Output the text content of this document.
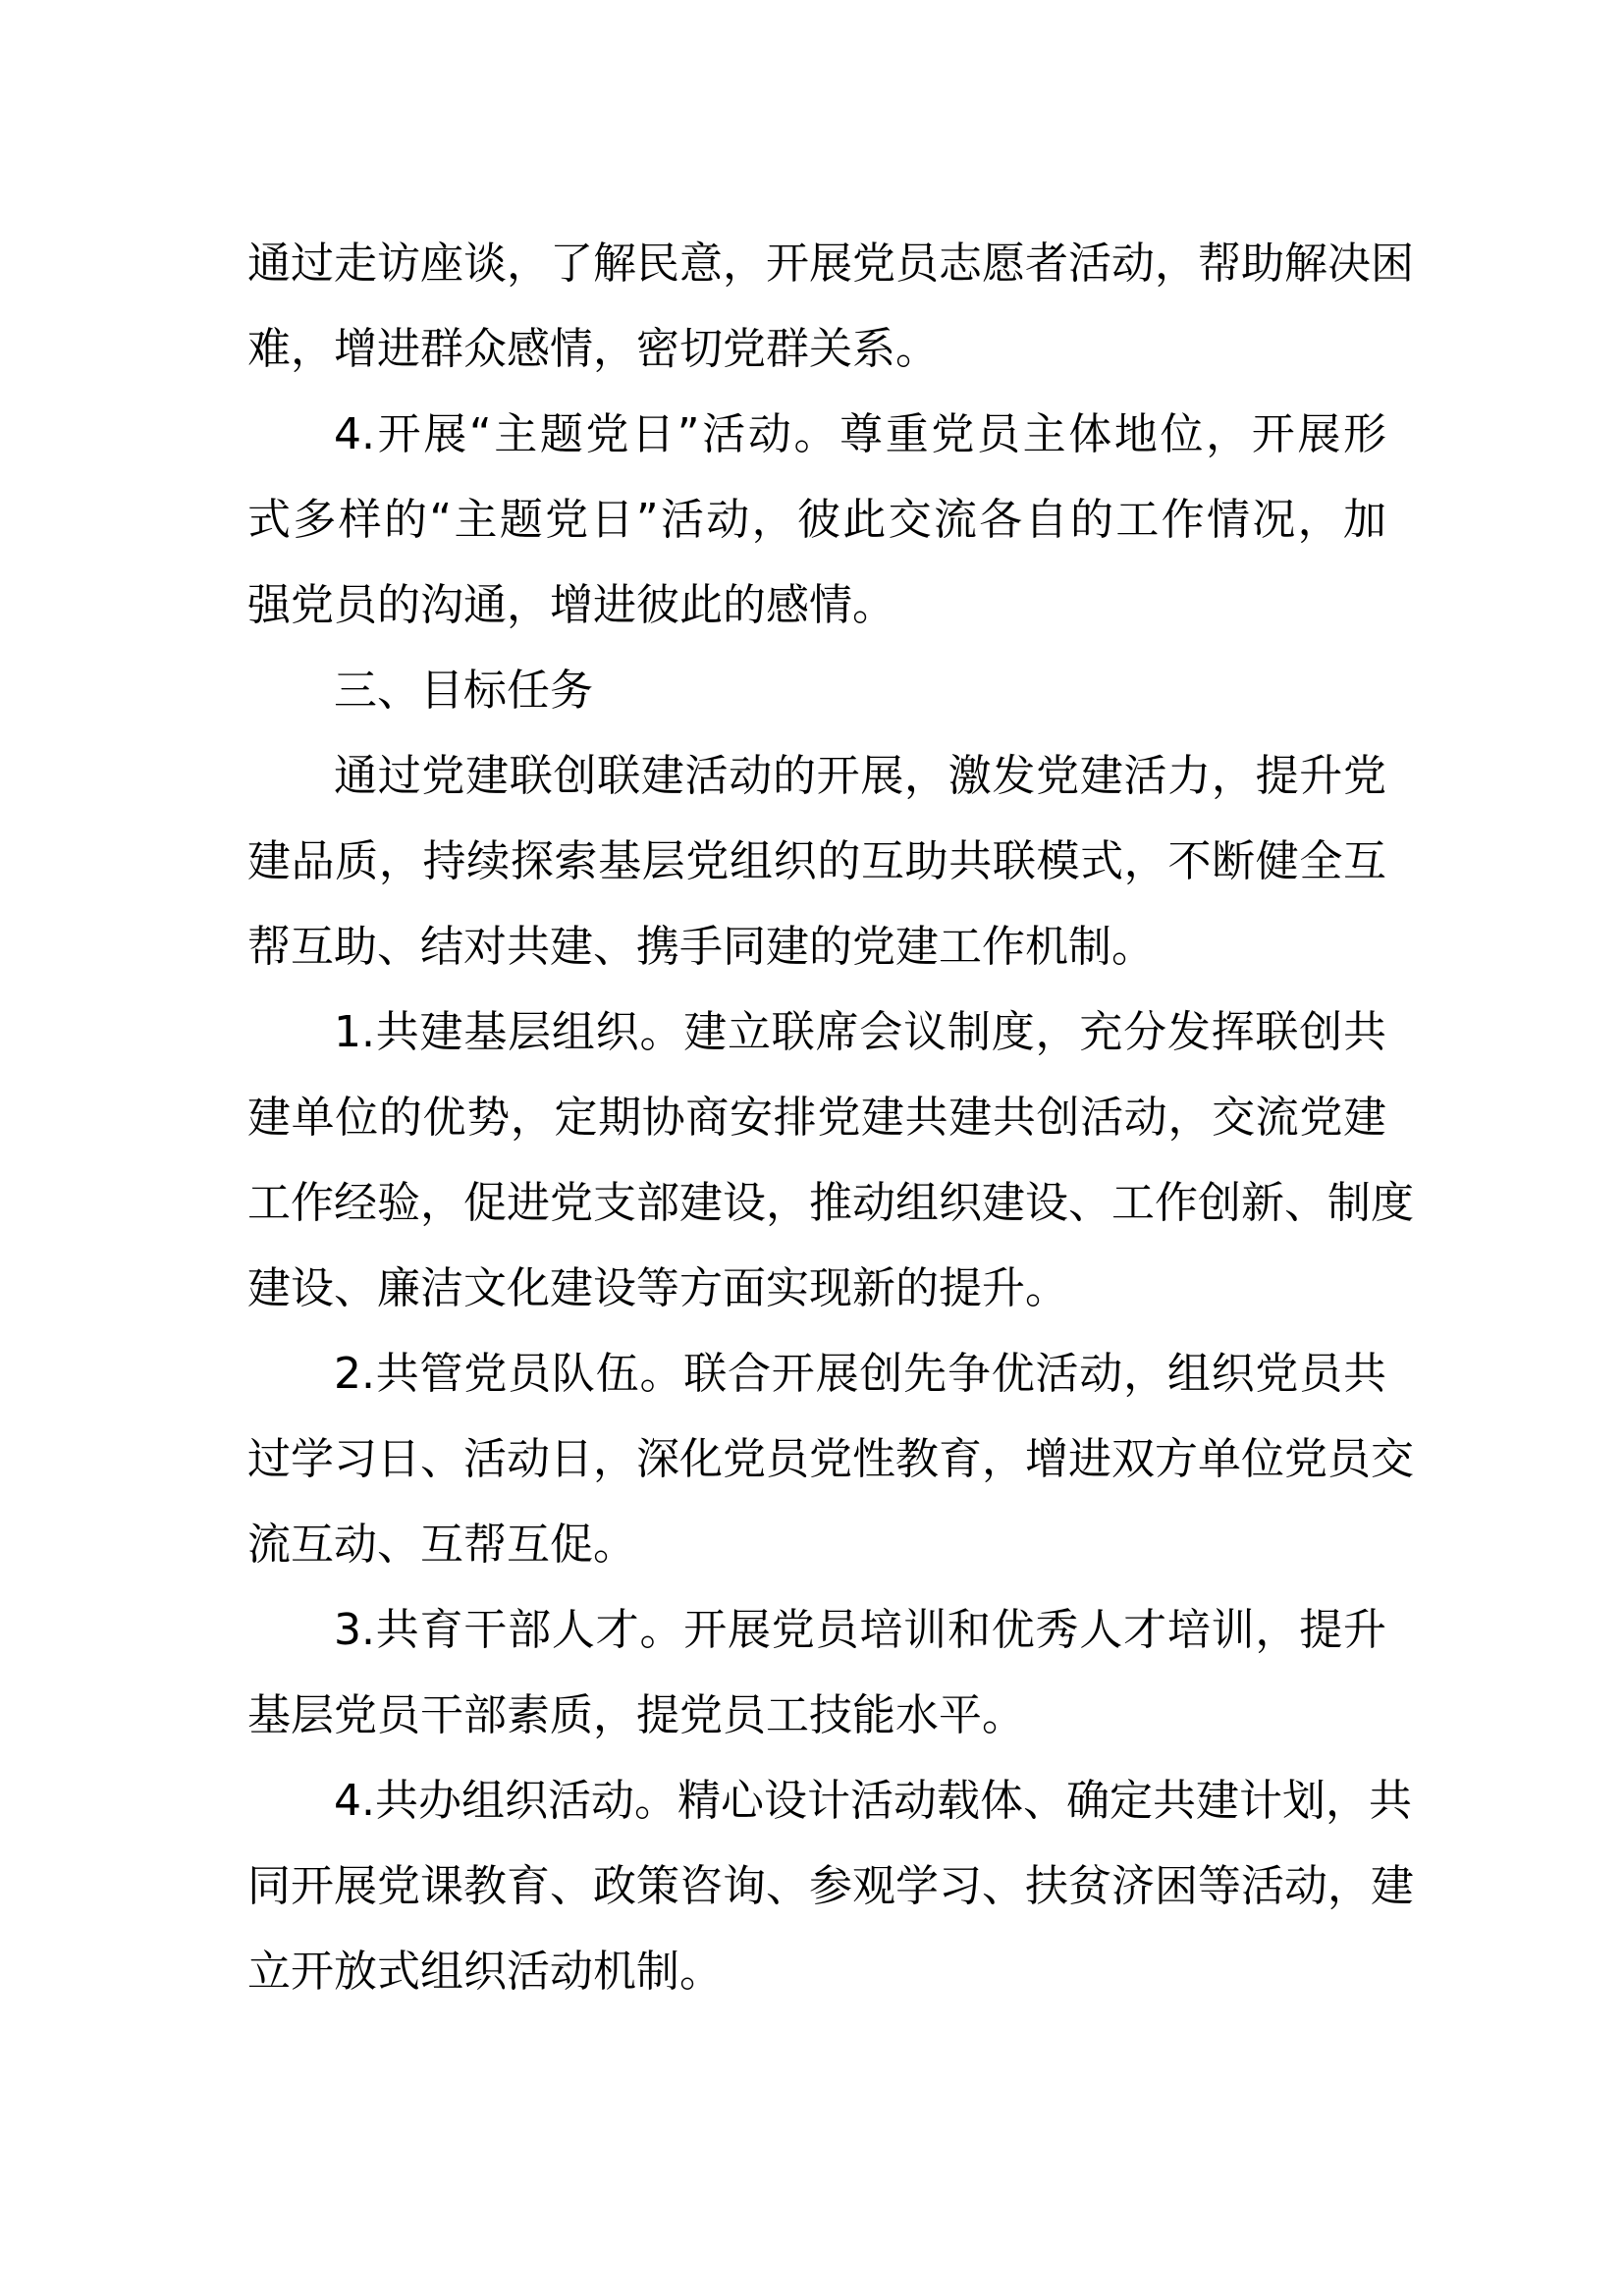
通过走访座谈，了解民意，开展党员志愿者活动，帮助解决困
难，增进群众感情，密切党群关系。
4.开展“主题党日”活动。尊重党员主体地位，开展形
式多样的“主题党日”活动，彼此交流各自的工作情况，加
强党员的沟通，增进彼此的感情。
三、目标任务
通过党建联创联建活动的开展，激发党建活力，提升党
建品质，持续探索基层党组织的互助共联模式，不断健全互
帮互助、结对共建、携手同建的党建工作机制。
1.共建基层组织。建立联席会议制度，充分发挥联创共
建单位的优势，定期协商安排党建共建共创活动，交流党建
工作经验，促进党支部建设，推动组织建设、工作创新、制度
建设、廉洁文化建设等方面实现新的提升。
2.共管党员队伍。联合开展创先争优活动，组织党员共
过学习日、活动日，深化党员党性教育，增进双方单位党员交
流互动、互帮互促。
3.共育干部人才。开展党员培训和优秀人才培训，提升
基层党员干部素质，提党员工技能水平。
4.共办组织活动。精心设计活动载体、确定共建计划，共
同开展党课教育、政策咨询、参观学习、扶贫济困等活动，建
立开放式组织活动机制。
